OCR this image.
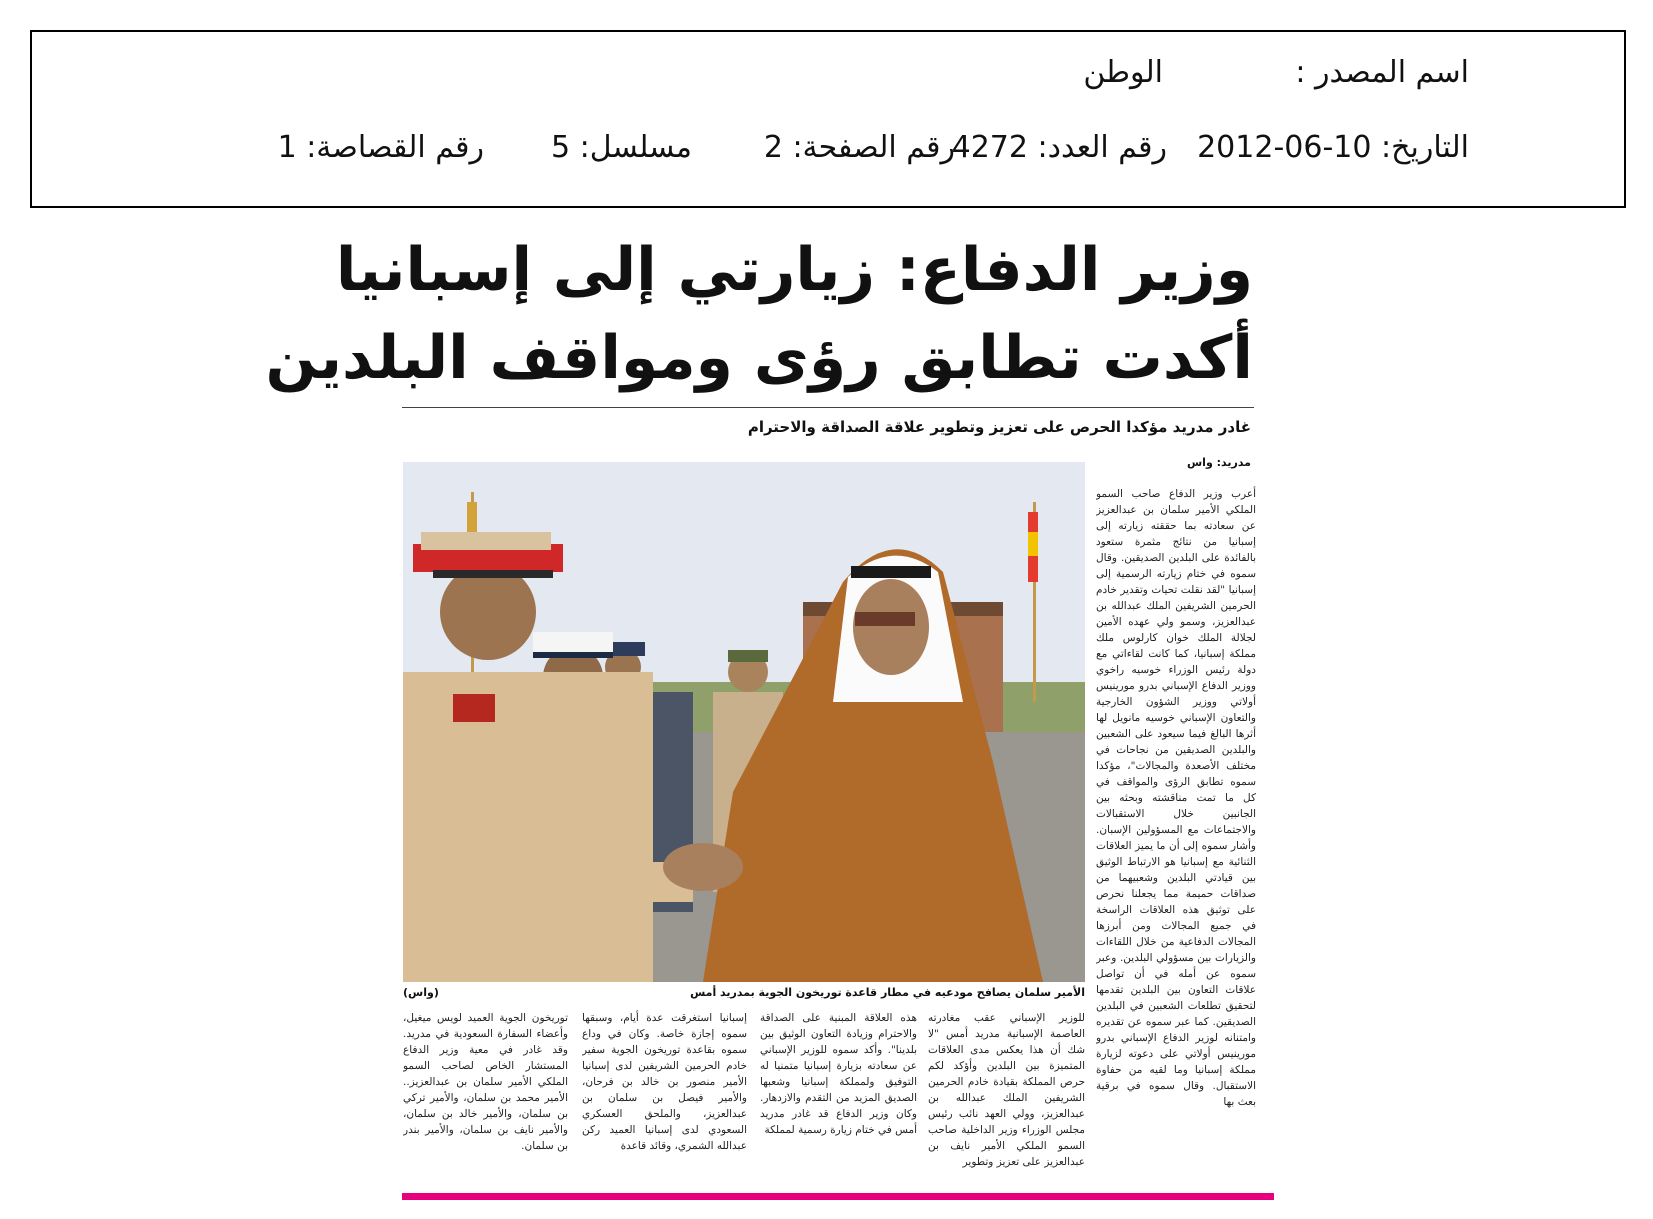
اسم المصدر :
الوطن
التاريخ: 10-06-2012
رقم العدد: 4272
رقم الصفحة: 2
مسلسل: 5
رقم القصاصة: 1
وزير الدفاع: زيارتي إلى إسبانيا
أكدت تطابق رؤى ومواقف البلدين
غادر مدريد مؤكدا الحرص على تعزيز وتطوير علاقة الصداقة والاحترام
مدريد: واس
الأمير سلمان يصافح مودعيه في مطار قاعدة توريخون الجوية بمدريد أمس
(واس)

أعرب وزير الدفاع صاحب السمو الملكي الأمير سلمان بن عبدالعزيز عن سعادته بما حققته زيارته إلى إسبانيا من نتائج مثمرة ستعود بالفائدة على البلدين الصديقين. وقال سموه في ختام زيارته الرسمية إلى إسبانيا "لقد نقلت تحيات وتقدير خادم الحرمين الشريفين الملك عبدالله بن عبدالعزيز، وسمو ولي عهده الأمين لجلالة الملك خوان كارلوس ملك مملكة إسبانيا، كما كانت لقاءاتي مع دولة رئيس الوزراء خوسيه راخوي ووزير الدفاع الإسباني بدرو مورينيس أولاتي ووزير الشؤون الخارجية والتعاون الإسباني خوسيه مانويل لها أثرها البالغ فيما سيعود على الشعبين والبلدين الصديقين من نجاحات في مختلف الأصعدة والمجالات"، مؤكدا سموه تطابق الرؤى والمواقف في كل ما تمت مناقشته وبحثه بين الجانبين خلال الاستقبالات والاجتماعات مع المسؤولين الإسبان. وأشار سموه إلى أن ما يميز العلاقات الثنائية مع إسبانيا هو الارتباط الوثيق بين قيادتي البلدين وشعبيهما من صداقات حميمة مما يجعلنا نحرص على توثيق هذه العلاقات الراسخة في جميع المجالات ومن أبرزها المجالات الدفاعية من خلال اللقاءات والزيارات بين مسؤولي البلدين. وعبر سموه عن أمله في أن تواصل علاقات التعاون بين البلدين تقدمها لتحقيق تطلعات الشعبين في البلدين الصديقين. كما عبر سموه عن تقديره وامتنانه لوزير الدفاع الإسباني بدرو مورينيس أولاتي على دعوته لزيارة مملكة إسبانيا وما لقيه من حفاوة الاستقبال. وقال سموه في برقية بعث بها

للوزير الإسباني عقب مغادرته العاصمة الإسبانية مدريد أمس "لا شك أن هذا يعكس مدى العلاقات المتميزة بين البلدين وأؤكد لكم حرص المملكة بقيادة خادم الحرمين الشريفين الملك عبدالله بن عبدالعزيز، وولي العهد نائب رئيس مجلس الوزراء وزير الداخلية صاحب السمو الملكي الأمير نايف بن عبدالعزيز على تعزيز وتطوير

هذه العلاقة المبنية على الصداقة والاحترام وزيادة التعاون الوثيق بين بلدينا". وأكد سموه للوزير الإسباني عن سعادته بزيارة إسبانيا متمنيا له التوفيق ولمملكة إسبانيا وشعبها الصديق المزيد من التقدم والازدهار. وكان وزير الدفاع قد غادر مدريد أمس في ختام زيارة رسمية لمملكة

إسبانيا استغرقت عدة أيام، وسبقها سموه إجازة خاصة. وكان في وداع سموه بقاعدة توريخون الجوية سفير خادم الحرمين الشريفين لدى إسبانيا الأمير منصور بن خالد بن فرحان، والأمير فيصل بن سلمان بن عبدالعزيز، والملحق العسكري السعودي لدى إسبانيا العميد ركن عبدالله الشمري، وقائد قاعدة

توريخون الجوية العميد لويس ميغيل، وأعضاء السفارة السعودية في مدريد. وقد غادر في معية وزير الدفاع المستشار الخاص لصاحب السمو الملكي الأمير سلمان بن عبدالعزيز.. الأمير محمد بن سلمان، والأمير تركي بن سلمان، والأمير خالد بن سلمان، والأمير نايف بن سلمان، والأمير بندر بن سلمان.
